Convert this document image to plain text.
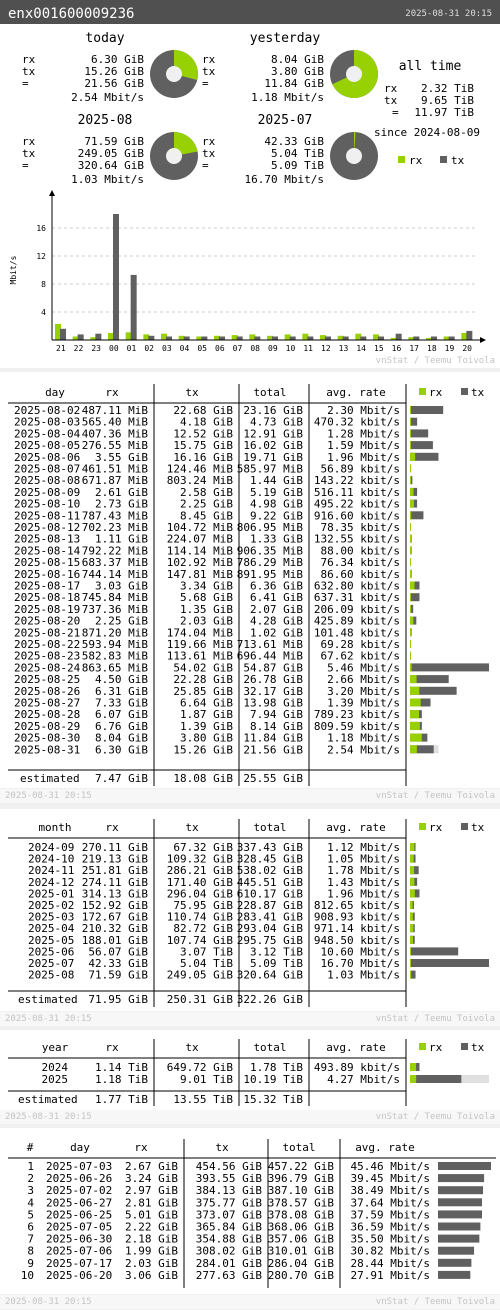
enx001600009236	2025-08-31 20:15
today
rx	6.30 GiB
tx	15.26 GiB
=	21.56 GiB
2.54 Mbit/s
yesterday
rx	8.04 GiB
tx	3.80 GiB
=	11.84 GiB
1.18 Mbit/s
2025-08
rx	71.59 GiB
tx	249.05 GiB
=	320.64 GiB
1.03 Mbit/s
2025-07
rx	42.33 GiB
tx	5.04 TiB
=	5.09 TiB
16.70 Mbit/s
all time
rx 2.32 TiB
tx 9.65 TiB
= 11.97 TiB
since 2024-08-09
rx	tx
4
8
12
16
21 22 23 00 01 02 03 04 05 06 07 08 09 10 11 12 13 14 15 16 17 18 19 20
Mbit/s
vnStat / Teemu Toivola
day	rx	tx	total	avg. rate	rx	tx
2025-08-02 487.11 MiB 22.68 GiB 23.16 GiB 2.30 Mbit/s
2025-08-03 565.40 MiB	4.18 GiB 4.73 GiB 470.32 kbit/s
2025-08-04 407.36 MiB 12.52 GiB 12.91 GiB 1.28 Mbit/s
2025-08-05 276.55 MiB 15.75 GiB 16.02 GiB 1.59 Mbit/s
2025-08-06 3.55 GiB 16.16 GiB 19.71 GiB 1.96 Mbit/s
2025-08-07 461.51 MiB 124.46 MiB 585.97 MiB 56.89 kbit/s
2025-08-08 671.87 MiB 803.24 MiB 1.44 GiB 143.22 kbit/s
2025-08-09 2.61 GiB	2.58 GiB 5.19 GiB 516.11 kbit/s
2025-08-10 2.73 GiB	2.25 GiB 4.98 GiB 495.22 kbit/s
2025-08-11 787.43 MiB	8.45 GiB 9.22 GiB 916.60 kbit/s
2025-08-12 702.23 MiB 104.72 MiB 806.95 MiB 78.35 kbit/s
2025-08-13 1.11 GiB 224.07 MiB 1.33 GiB 132.55 kbit/s
2025-08-14 792.22 MiB 114.14 MiB 906.35 MiB 88.00 kbit/s
2025-08-15 683.37 MiB 102.92 MiB 786.29 MiB 76.34 kbit/s
2025-08-16 744.14 MiB 147.81 MiB 891.95 MiB 86.60 kbit/s
2025-08-17 3.03 GiB	3.34 GiB 6.36 GiB 632.80 kbit/s
2025-08-18 745.84 MiB	5.68 GiB 6.41 GiB 637.31 kbit/s
2025-08-19 737.36 MiB	1.35 GiB 2.07 GiB 206.09 kbit/s
2025-08-20 2.25 GiB	2.03 GiB 4.28 GiB 425.89 kbit/s
2025-08-21 871.20 MiB 174.04 MiB 1.02 GiB 101.48 kbit/s
2025-08-22 593.94 MiB 119.66 MiB 713.61 MiB 69.28 kbit/s
2025-08-23 582.83 MiB 113.61 MiB 696.44 MiB 67.62 kbit/s
2025-08-24 863.65 MiB 54.02 GiB 54.87 GiB 5.46 Mbit/s
2025-08-25 4.50 GiB 22.28 GiB 26.78 GiB 2.66 Mbit/s
2025-08-26 6.31 GiB 25.85 GiB 32.17 GiB 3.20 Mbit/s
2025-08-27 7.33 GiB	6.64 GiB 13.98 GiB 1.39 Mbit/s
2025-08-28 6.07 GiB	1.87 GiB 7.94 GiB 789.23 kbit/s
2025-08-29 6.76 GiB	1.39 GiB 8.14 GiB 809.59 kbit/s
2025-08-30 8.04 GiB	3.80 GiB 11.84 GiB 1.18 Mbit/s
2025-08-31 6.30 GiB 15.26 GiB 21.56 GiB 2.54 Mbit/s
estimated 7.47 GiB 18.08 GiB 25.55 GiB
2025-08-31 20:15	vnStat / Teemu Toivola
month	rx	tx	total	avg. rate	rx	tx
2024-09 270.11 GiB 67.32 GiB 337.43 GiB 1.12 Mbit/s
2024-10 219.13 GiB 109.32 GiB 328.45 GiB 1.05 Mbit/s
2024-11 251.81 GiB 286.21 GiB 538.02 GiB 1.78 Mbit/s
2024-12 274.11 GiB 171.40 GiB 445.51 GiB 1.43 Mbit/s
2025-01 314.13 GiB 296.04 GiB 610.17 GiB 1.96 Mbit/s
2025-02 152.92 GiB 75.95 GiB 228.87 GiB 812.65 kbit/s
2025-03 172.67 GiB 110.74 GiB 283.41 GiB 908.93 kbit/s
2025-04 210.32 GiB 82.72 GiB 293.04 GiB 971.14 kbit/s
2025-05 188.01 GiB 107.74 GiB 295.75 GiB 948.50 kbit/s
2025-06 56.07 GiB	3.07 TiB 3.12 TiB 10.60 Mbit/s
2025-07 42.33 GiB	5.04 TiB 5.09 TiB 16.70 Mbit/s
2025-08 71.59 GiB 249.05 GiB 320.64 GiB 1.03 Mbit/s
estimated 71.95 GiB 250.31 GiB 322.26 GiB
2025-08-31 20:15	vnStat / Teemu Toivola
year	rx	tx	total	avg. rate	rx	tx
2024 1.14 TiB 649.72 GiB 1.78 TiB 493.89 kbit/s
2025 1.18 TiB	9.01 TiB 10.19 TiB 4.27 Mbit/s
estimated 1.77 TiB 13.55 TiB 15.32 TiB
2025-08-31 20:15	vnStat / Teemu Toivola
#	day	rx	tx	total	avg. rate
1 2025-07-03 2.67 GiB 454.56 GiB 457.22 GiB 45.46 Mbit/s
2 2025-06-26 3.24 GiB 393.55 GiB 396.79 GiB 39.45 Mbit/s
3 2025-07-02 2.97 GiB 384.13 GiB 387.10 GiB 38.49 Mbit/s
4 2025-06-27 2.81 GiB 375.77 GiB 378.57 GiB 37.64 Mbit/s
5 2025-06-25 5.01 GiB 373.07 GiB 378.08 GiB 37.59 Mbit/s
6 2025-07-05 2.22 GiB 365.84 GiB 368.06 GiB 36.59 Mbit/s
7 2025-06-30 2.18 GiB 354.88 GiB 357.06 GiB 35.50 Mbit/s
8 2025-07-06 1.99 GiB 308.02 GiB 310.01 GiB 30.82 Mbit/s
9 2025-07-17 2.03 GiB 284.01 GiB 286.04 GiB 28.44 Mbit/s
10 2025-06-20 3.06 GiB 277.63 GiB 280.70 GiB 27.91 Mbit/s
2025-08-31 20:15	vnStat / Teemu Toivola
